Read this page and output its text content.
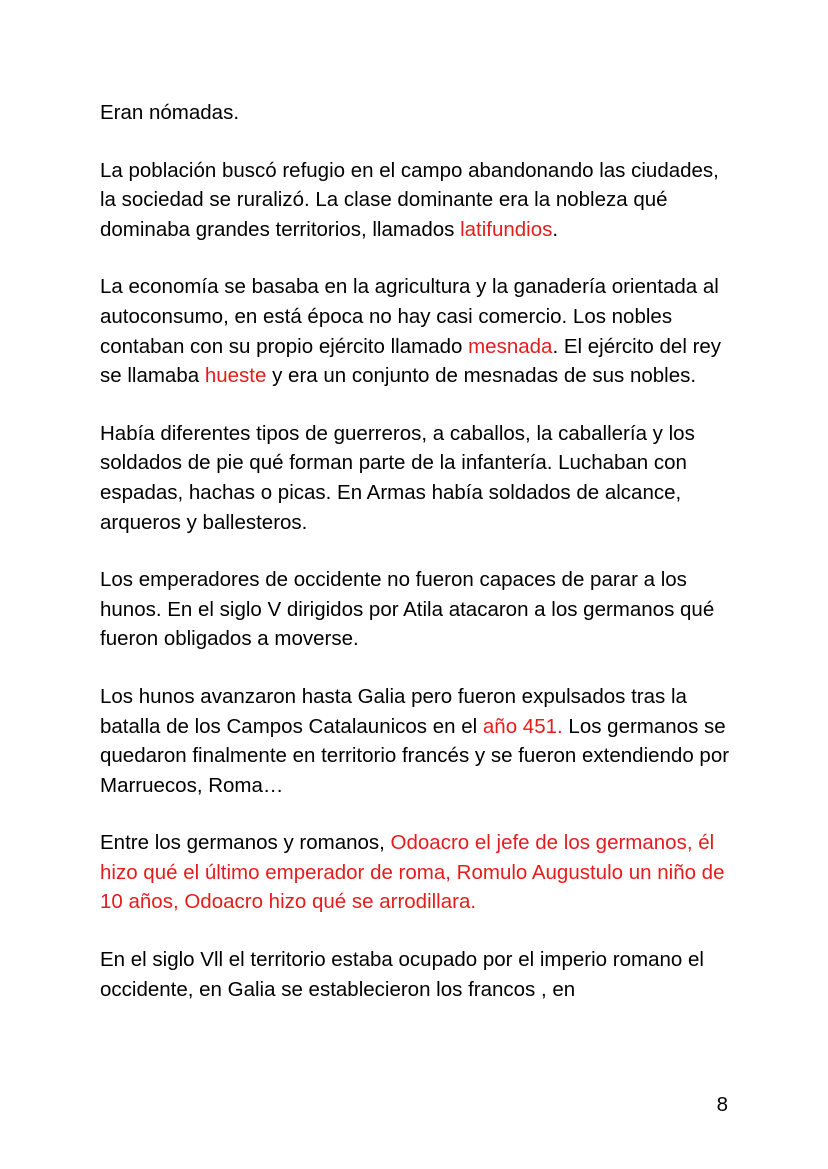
Eran nómadas.

La población buscó refugio en el campo abandonando las ciudades, la sociedad se ruralizó. La clase dominante era la nobleza qué dominaba grandes territorios, llamados latifundios.

La economía se basaba en la agricultura y la ganadería orientada al autoconsumo, en está época no hay casi comercio. Los nobles contaban con su propio ejército llamado mesnada. El ejército del rey se llamaba hueste y era un conjunto de mesnadas de sus nobles.

Había diferentes tipos de guerreros, a caballos, la caballería y los soldados de pie qué forman parte de la infantería. Luchaban con espadas, hachas o picas. En Armas había soldados de alcance, arqueros y ballesteros.

Los emperadores de occidente no fueron capaces de parar a los hunos. En el siglo V dirigidos por Atila atacaron a los germanos qué fueron obligados a moverse.

Los hunos avanzaron hasta Galia pero fueron expulsados tras la batalla de los Campos Catalaunicos en el año 451. Los germanos se quedaron finalmente en territorio francés y se fueron extendiendo por Marruecos, Roma…

Entre los germanos y romanos, Odoacro el jefe de los germanos, él hizo qué el último emperador de roma, Romulo Augustulo un niño de 10 años, Odoacro hizo qué se arrodillara.

En el siglo Vll el territorio estaba ocupado por el imperio romano el occidente, en Galia se establecieron los francos , en

8
